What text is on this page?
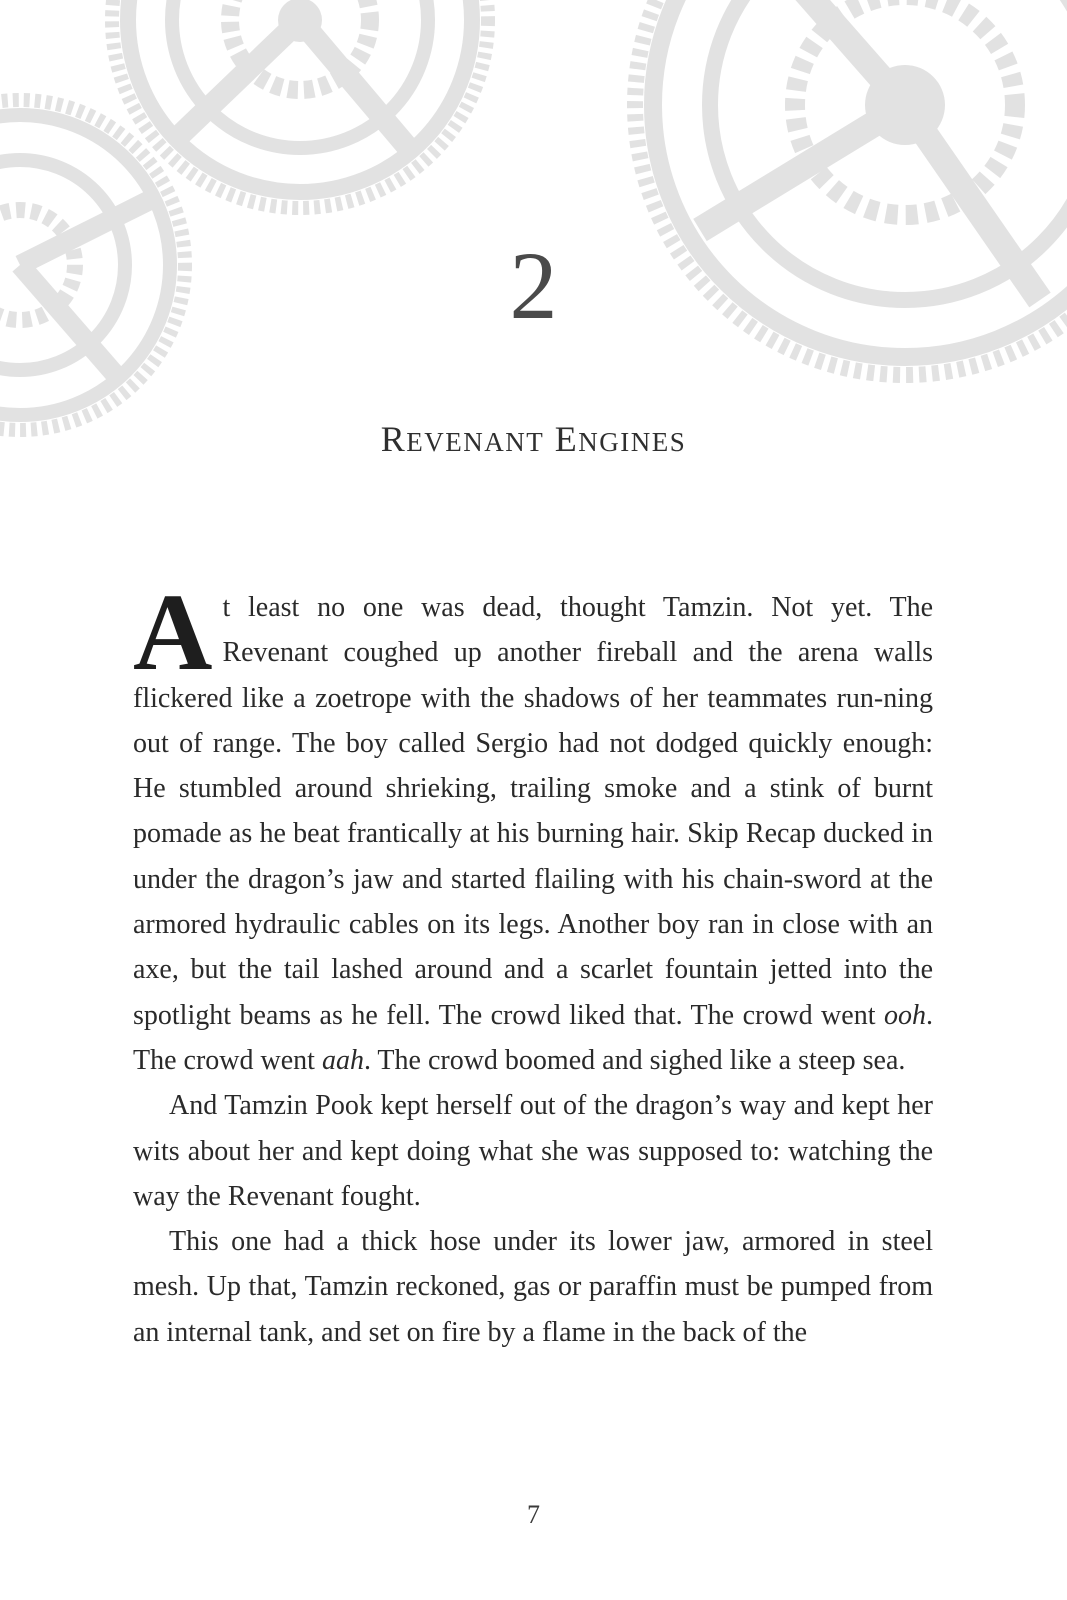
2
REVENANT ENGINES

At least no one was dead, thought Tamzin. Not yet. The Revenant coughed up another fireball and the arena walls flickered like a zoetrope with the shadows of her teammates run-ning out of range. The boy called Sergio had not dodged quickly enough: He stumbled around shrieking, trailing smoke and a stink of burnt pomade as he beat frantically at his burning hair. Skip Recap ducked in under the dragon’s jaw and started flailing with his chain-sword at the armored hydraulic cables on its legs. Another boy ran in close with an axe, but the tail lashed around and a scarlet fountain jetted into the spotlight beams as he fell. The crowd liked that. The crowd went ooh. The crowd went aah. The crowd boomed and sighed like a steep sea.

And Tamzin Pook kept herself out of the dragon’s way and kept her wits about her and kept doing what she was supposed to: watching the way the Revenant fought.

This one had a thick hose under its lower jaw, armored in steel mesh. Up that, Tamzin reckoned, gas or paraffin must be pumped from an internal tank, and set on fire by a flame in the back of the

7
